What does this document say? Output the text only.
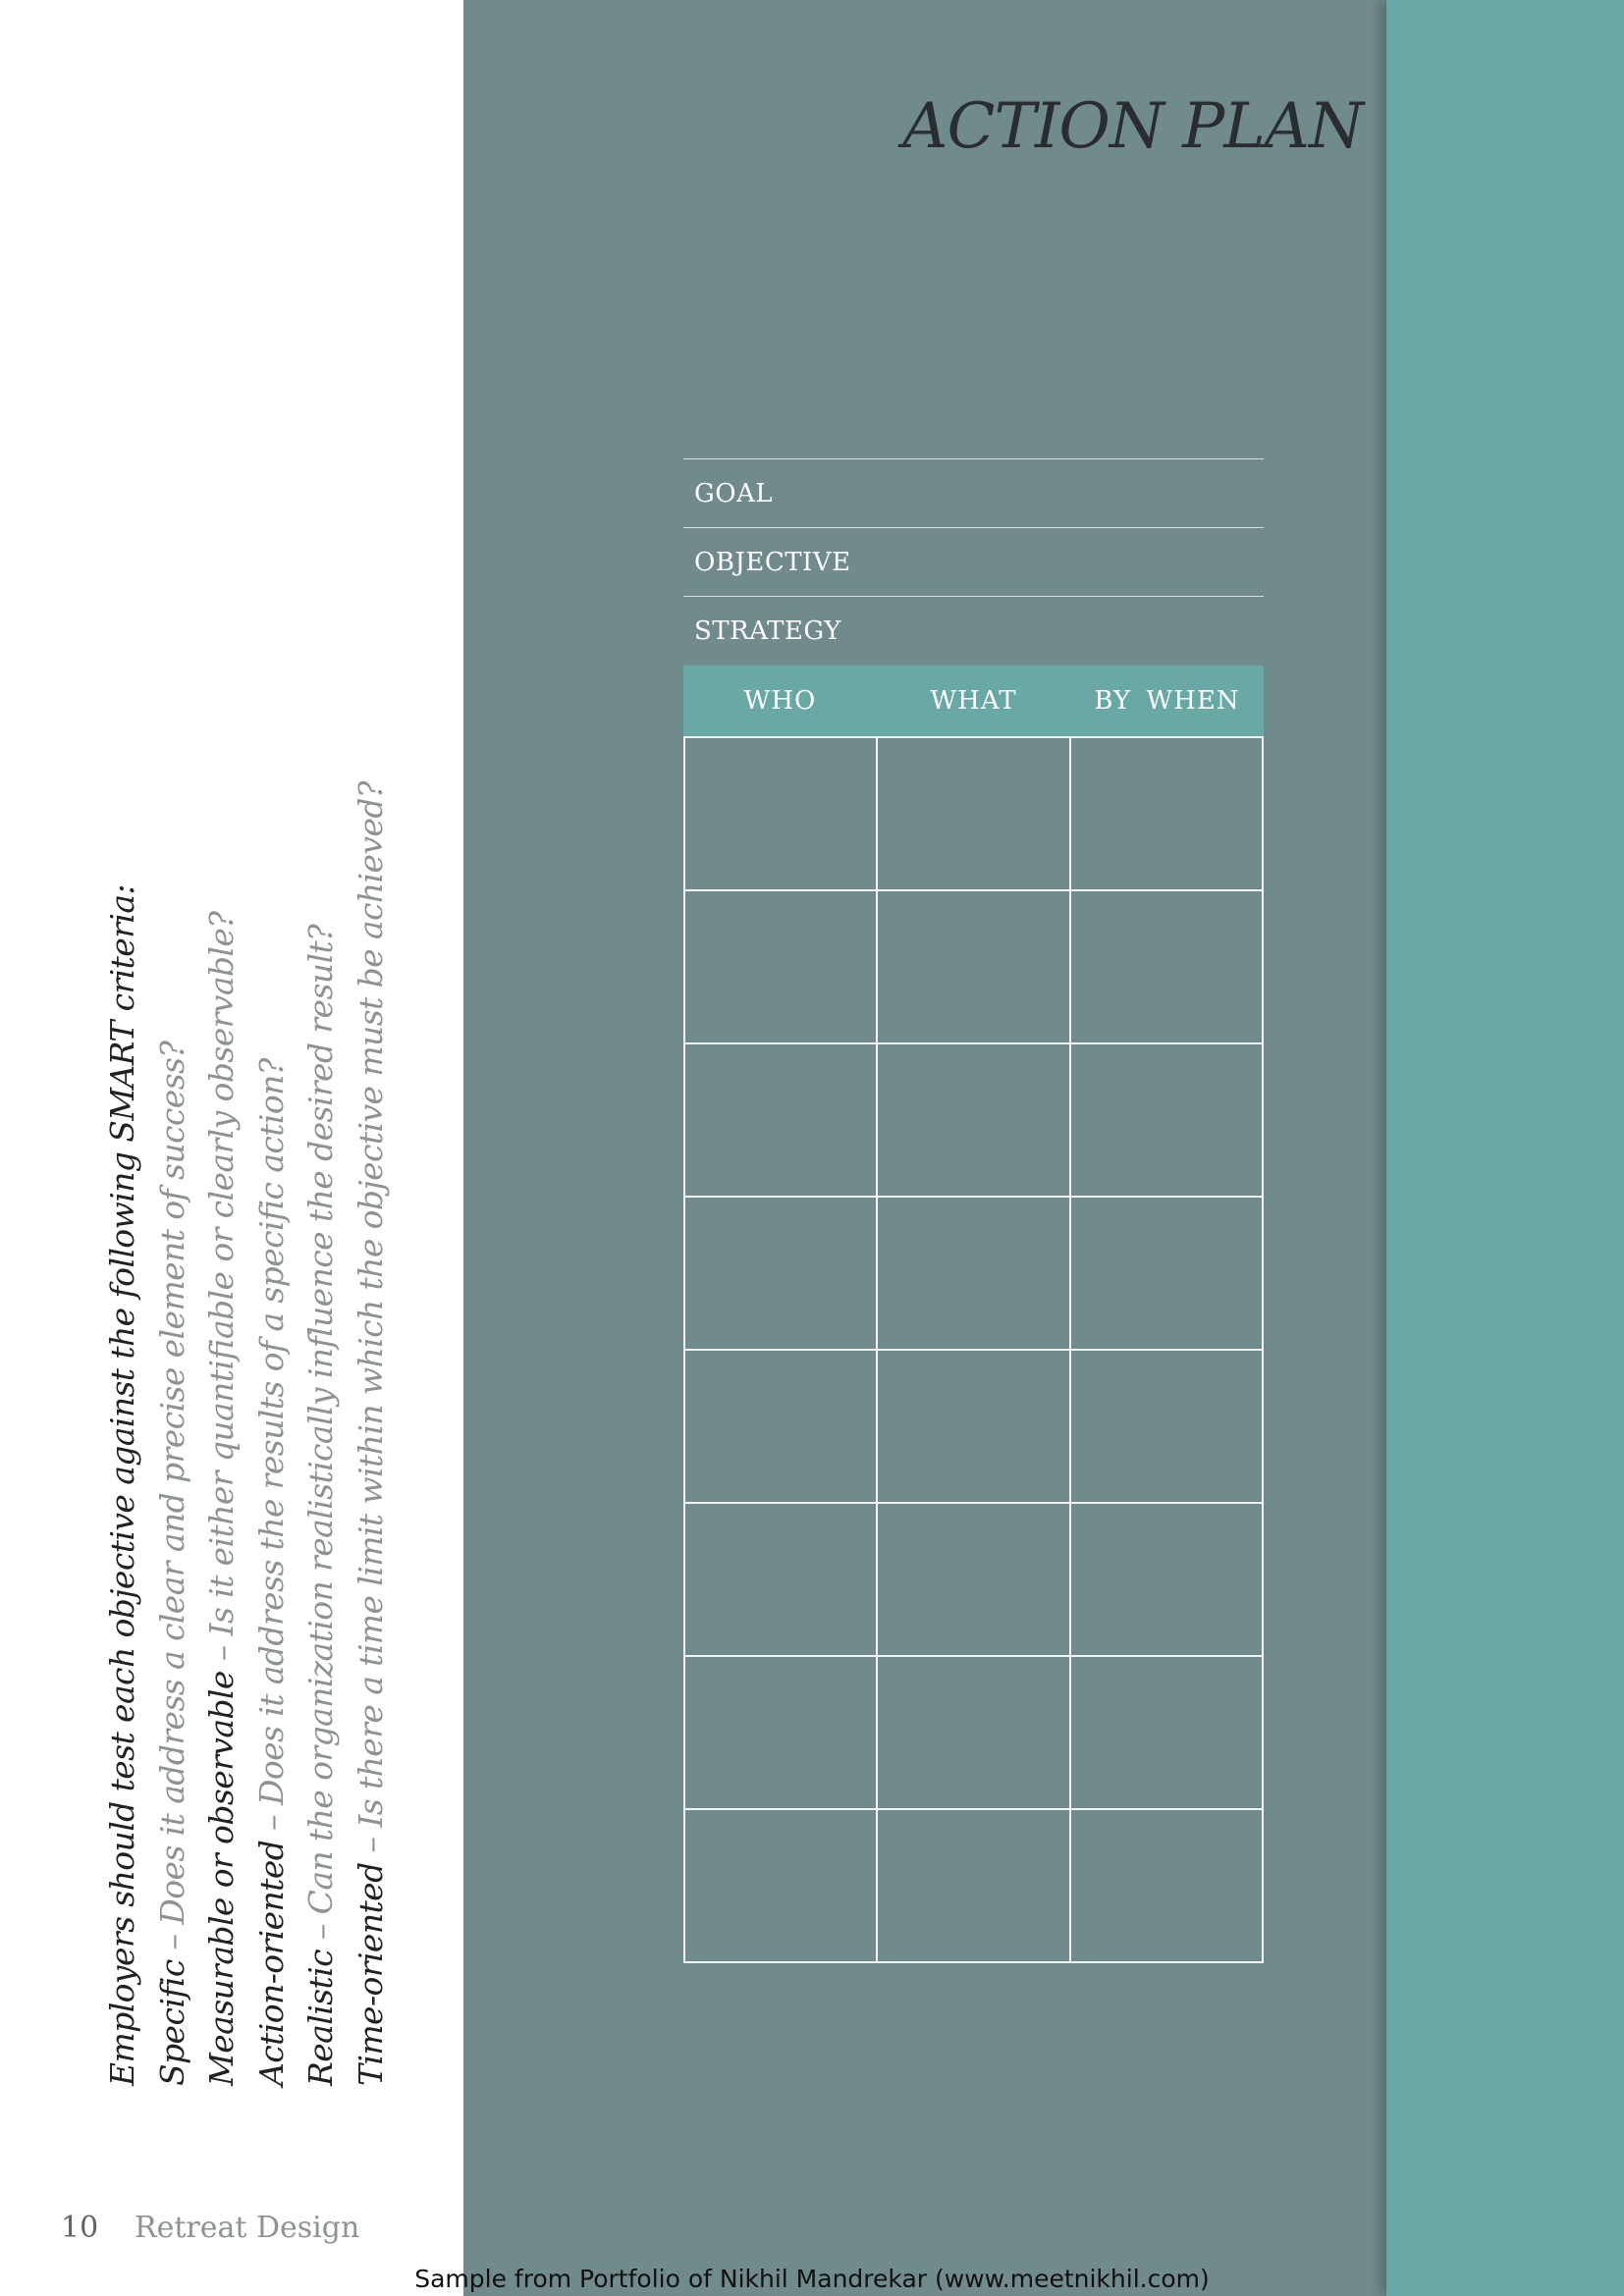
ACTION PLAN
GOAL
OBJECTIVE
STRATEGY
WHO	WHAT	BY WHEN

Employers should test each objective against the following SMART criteria: Specific – Does it address a clear and precise element of success? Measurable or observable – Is it either quantifiable or clearly observable?
Action-oriented – Does it address the results of a specific action?
Realistic – Can the organization realistically influence the desired result?
Time-oriented – Is there a time limit within which the objective must be achieved?
10 Retreat Design
Sample from Portfolio of Nikhil Mandrekar (www.meetnikhil.com)
